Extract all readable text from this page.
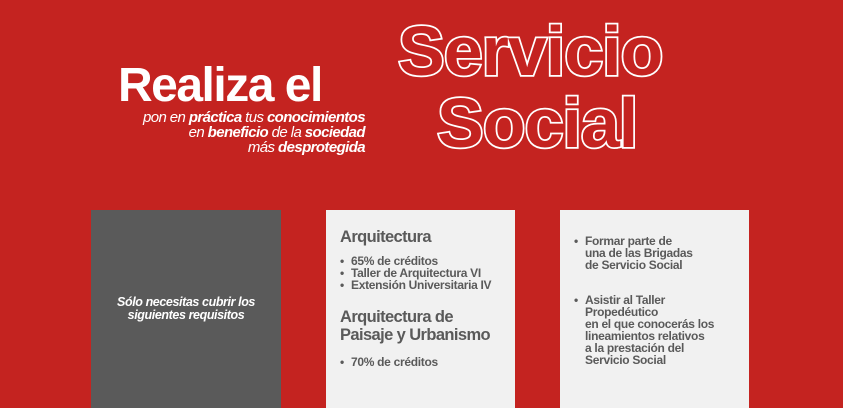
Realiza el
pon en práctica tus conocimientos
en beneficio de la sociedad
más desprotegida
Servicio
Social
Sólo necesitas cubrir los siguientes requisitos
Arquitectura
• 65% de créditos
• Taller de Arquitectura VI
• Extensión Universitaria IV
Arquitectura de
Paisaje y Urbanismo
• 70% de créditos
• Formar parte de
una de las Brigadas
de Servicio Social
• Asistir al Taller
Propedéutico
en el que conocerás los
lineamientos relativos
a la prestación del
Servicio Social
